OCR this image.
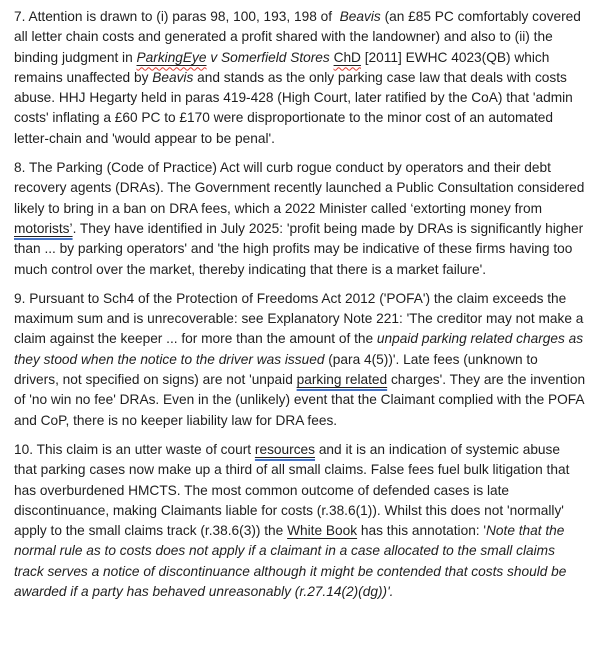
7. Attention is drawn to (i) paras 98, 100, 193, 198 of  Beavis (an £85 PC comfortably covered all letter chain costs and generated a profit shared with the landowner) and also to (ii) the binding judgment in ParkingEye v Somerfield Stores ChD [2011] EWHC 4023(QB) which remains unaffected by Beavis and stands as the only parking case law that deals with costs abuse. HHJ Hegarty held in paras 419-428 (High Court, later ratified by the CoA) that 'admin costs' inflating a £60 PC to £170 were disproportionate to the minor cost of an automated letter-chain and 'would appear to be penal'.

8. The Parking (Code of Practice) Act will curb rogue conduct by operators and their debt recovery agents (DRAs). The Government recently launched a Public Consultation considered likely to bring in a ban on DRA fees, which a 2022 Minister called ‘extorting money from motorists’. They have identified in July 2025: 'profit being made by DRAs is significantly higher than ... by parking operators' and 'the high profits may be indicative of these firms having too much control over the market, thereby indicating that there is a market failure'.

9. Pursuant to Sch4 of the Protection of Freedoms Act 2012 ('POFA') the claim exceeds the maximum sum and is unrecoverable: see Explanatory Note 221: 'The creditor may not make a claim against the keeper ... for more than the amount of the unpaid parking related charges as they stood when the notice to the driver was issued (para 4(5))'. Late fees (unknown to drivers, not specified on signs) are not 'unpaid parking related charges'. They are the invention of 'no win no fee' DRAs. Even in the (unlikely) event that the Claimant complied with the POFA and CoP, there is no keeper liability law for DRA fees.

10. This claim is an utter waste of court resources and it is an indication of systemic abuse that parking cases now make up a third of all small claims. False fees fuel bulk litigation that has overburdened HMCTS. The most common outcome of defended cases is late discontinuance, making Claimants liable for costs (r.38.6(1)). Whilst this does not 'normally' apply to the small claims track (r.38.6(3)) the White Book has this annotation: 'Note that the normal rule as to costs does not apply if a claimant in a case allocated to the small claims track serves a notice of discontinuance although it might be contended that costs should be awarded if a party has behaved unreasonably (r.27.14(2)(dg))'.
